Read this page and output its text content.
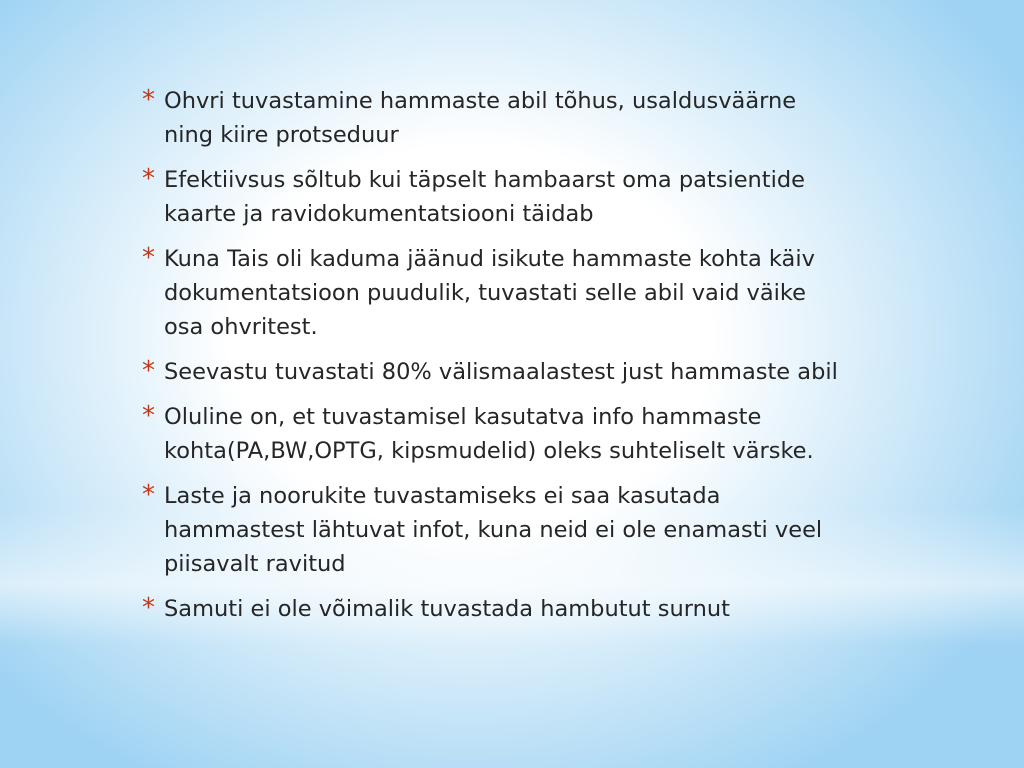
* Ohvri tuvastamine hammaste abil tõhus, usaldusväärne ning kiire protseduur
* Efektiivsus sõltub kui täpselt hambaarst oma patsientide kaarte ja ravidokumentatsiooni täidab
* Kuna Tais oli kaduma jäänud isikute hammaste kohta käiv dokumentatsioon puudulik, tuvastati selle abil vaid väike osa ohvritest.
* Seevastu tuvastati 80% välismaalastest just hammaste abil
* Oluline on, et tuvastamisel kasutatva info hammaste kohta(PA,BW,OPTG, kipsmudelid) oleks suhteliselt värske.
* Laste ja noorukite tuvastamiseks ei saa kasutada hammastest lähtuvat infot, kuna neid ei ole enamasti veel piisavalt ravitud
* Samuti ei ole võimalik tuvastada hambutut surnut
